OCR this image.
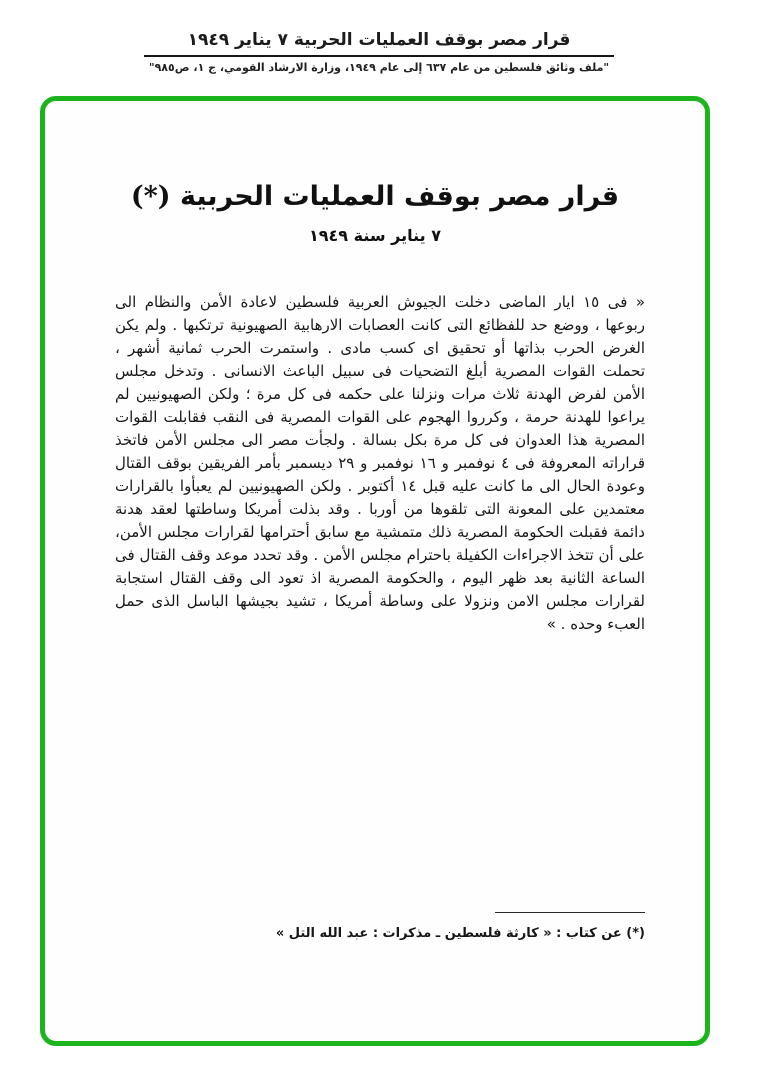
قرار مصر بوقف العمليات الحربية ٧ يناير ١٩٤٩
"ملف وثائق فلسطين من عام ٦٣٧ إلى عام ١٩٤٩، وزارة الارشاد القومي، ج ١، ص٩٨٥"
قرار مصر بوقف العمليات الحربية (*)
٧ يناير سنة ١٩٤٩
« فى ١٥ ايار الماضى دخلت الجيوش العربية فلسطين لاعادة الأمن والنظام الى ربوعها ، ووضع حد للفظائع التى كانت العصابات الارهابية الصهيونية ترتكبها . ولم يكن الغرض الحرب بذاتها أو تحقيق اى كسب مادى . واستمرت الحرب ثمانية أشهر ، تحملت القوات المصرية أبلغ التضحيات فى سبيل الباعث الانسانى . وتدخل مجلس الأمن لفرض الهدنة ثلاث مرات ونزلنا على حكمه فى كل مرة ؛ ولكن الصهيونيين لم يراعوا للهدنة حرمة ، وكرروا الهجوم على القوات المصرية فى النقب فقابلت القوات المصرية هذا العدوان فى كل مرة بكل بسالة . ولجأت مصر الى مجلس الأمن فاتخذ قراراته المعروفة فى ٤ نوفمبر و ١٦ نوفمبر و ٢٩ ديسمبر بأمر الفريقين بوقف القتال وعودة الحال الى ما كانت عليه قبل ١٤ أكتوبر . ولكن الصهيونيين لم يعبأوا بالقرارات معتمدين على المعونة التى تلقوها من أوربا . وقد بذلت أمريكا وساطتها لعقد هدنة دائمة فقبلت الحكومة المصرية ذلك متمشية مع سابق أحترامها لقرارات مجلس الأمن، على أن تتخذ الاجراءات الكفيلة باحترام مجلس الأمن . وقد تحدد موعد وقف القتال فى الساعة الثانية بعد ظهر اليوم ، والحكومة المصرية اذ تعود الى وقف القتال استجابة لقرارات مجلس الامن ونزولا على وساطة أمريكا ، تشيد بجيشها الباسل الذى حمل العبء وحده . »
(*) عن كتاب : « كارثة فلسطين ـ مذكرات : عبد الله التل »
